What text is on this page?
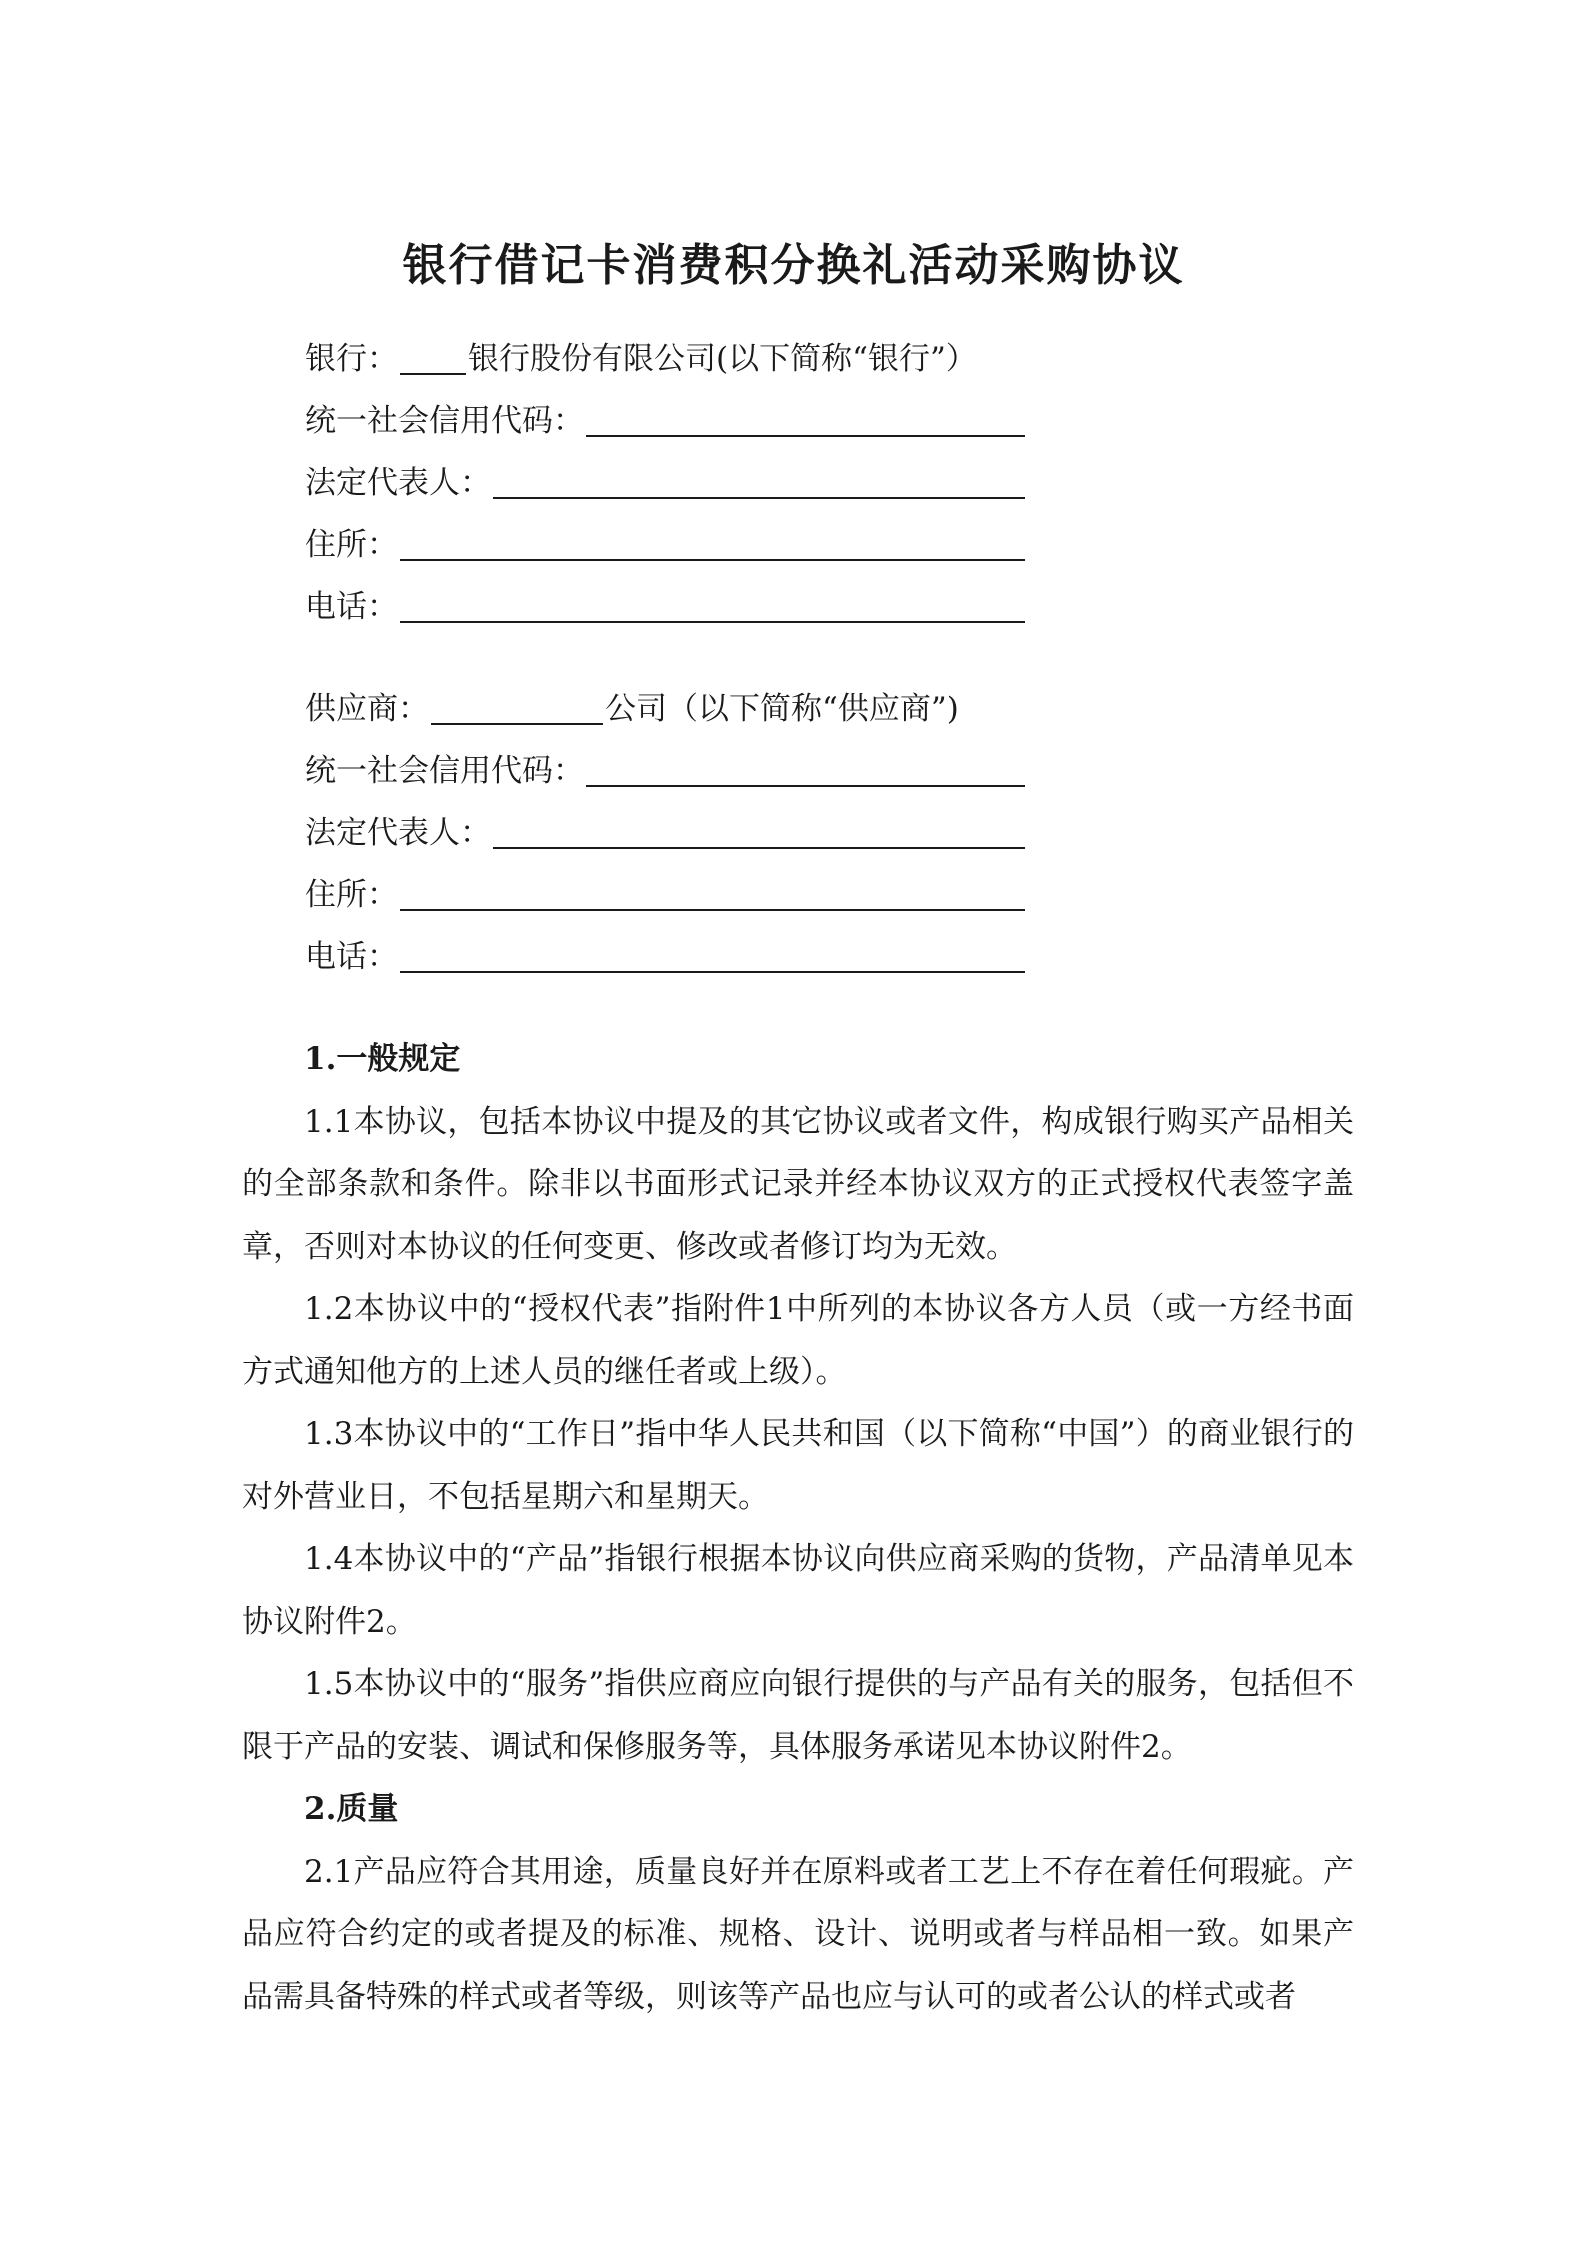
银行借记卡消费积分换礼活动采购协议
银行： 银行股份有限公司(以下简称“银行”）
统一社会信用代码：
法定代表人：
住所：
电话：
供应商：	公司（以下简称“供应商”)
统一社会信用代码：
法定代表人：
住所：
电话：
1.一般规定

1.1本协议，包括本协议中提及的其它协议或者文件，构成银行购买产品相关的全部条款和条件。除非以书面形式记录并经本协议双方的正式授权代表签字盖章，否则对本协议的任何变更、修改或者修订均为无效。

1.2本协议中的“授权代表”指附件1中所列的本协议各方人员（或一方经书面方式通知他方的上述人员的继任者或上级）。

1.3本协议中的“工作日”指中华人民共和国（以下简称“中国”）的商业银行的对外营业日，不包括星期六和星期天。

1.4本协议中的“产品”指银行根据本协议向供应商采购的货物，产品清单见本协议附件2。

1.5本协议中的“服务”指供应商应向银行提供的与产品有关的服务，包括但不限于产品的安装、调试和保修服务等，具体服务承诺见本协议附件2。

2.质量

2.1产品应符合其用途，质量良好并在原料或者工艺上不存在着任何瑕疵。产品应符合约定的或者提及的标准、规格、设计、说明或者与样品相一致。如果产品需具备特殊的样式或者等级，则该等产品也应与认可的或者公认的样式或者
